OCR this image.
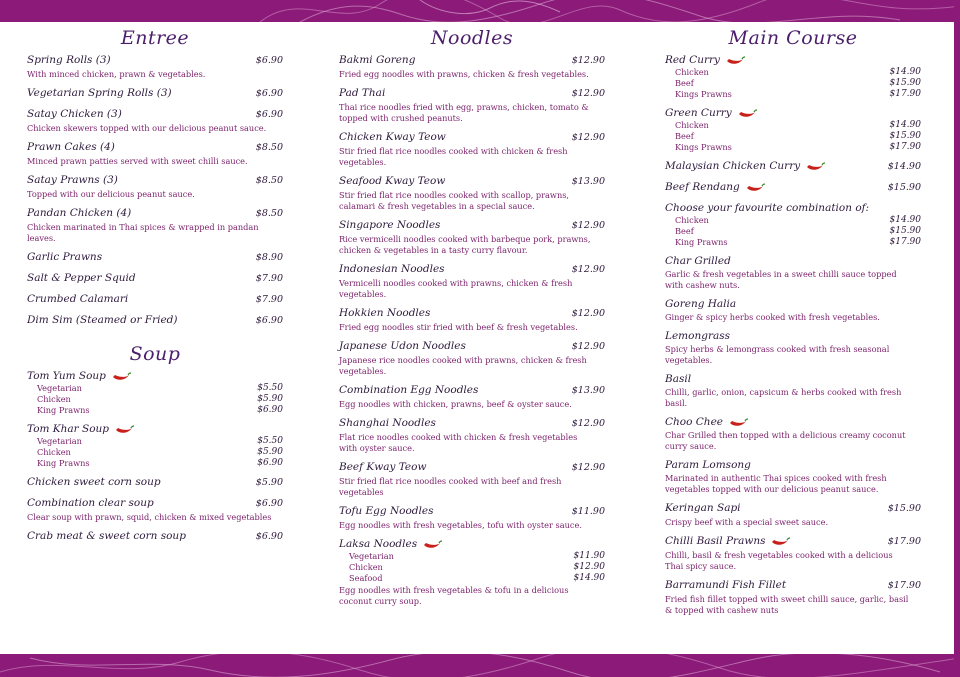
Entree
Spring Rolls (3)	$6.90
With minced chicken, prawn & vegetables.
Vegetarian Spring Rolls (3)	$6.90
Satay Chicken (3)	$6.90
Chicken skewers topped with our delicious peanut sauce.
Prawn Cakes (4)	$8.50
Minced prawn patties served with sweet chilli sauce.
Satay Prawns (3)	$8.50
Topped with our delicious peanut sauce.
Pandan Chicken (4)	$8.50
Chicken marinated in Thai spices & wrapped in pandan leaves.
Garlic Prawns	$8.90
Salt & Pepper Squid	$7.90
Crumbed Calamari	$7.90
Dim Sim (Steamed or Fried)	$6.90
Soup
Tom Yum Soup
Vegetarian	$5.50
Chicken	$5.90
King Prawns	$6.90
Tom Khar Soup
Vegetarian	$5.50
Chicken	$5.90
King Prawns	$6.90
Chicken sweet corn soup	$5.90
Combination clear soup	$6.90
Clear soup with prawn, squid, chicken & mixed vegetables
Crab meat & sweet corn soup	$6.90
Noodles
Bakmi Goreng	$12.90
Fried egg noodles with prawns, chicken & fresh vegetables.
Pad Thai	$12.90
Thai rice noodles fried with egg, prawns, chicken, tomato & topped with crushed peanuts.
Chicken Kway Teow	$12.90
Stir fried flat rice noodles cooked with chicken & fresh vegetables.
Seafood Kway Teow	$13.90
Stir fried flat rice noodles cooked with scallop, prawns, calamari & fresh vegetables in a special sauce.
Singapore Noodles	$12.90
Rice vermicelli noodles cooked with barbeque pork, prawns, chicken & vegetables in a tasty curry flavour.
Indonesian Noodles	$12.90
Vermicelli noodles cooked with prawns, chicken & fresh vegetables.
Hokkien Noodles	$12.90
Fried egg noodles stir fried with beef & fresh vegetables.
Japanese Udon Noodles	$12.90
Japanese rice noodles cooked with prawns, chicken & fresh vegetables.
Combination Egg Noodles	$13.90
Egg noodles with chicken, prawns, beef & oyster sauce.
Shanghai Noodles	$12.90
Flat rice noodles cooked with chicken & fresh vegetables with oyster sauce.
Beef Kway Teow	$12.90
Stir fried flat rice noodles cooked with beef and fresh vegetables
Tofu Egg Noodles	$11.90
Egg noodles with fresh vegetables, tofu with oyster sauce.
Laksa Noodles
Vegetarian	$11.90
Chicken	$12.90
Seafood	$14.90
Egg noodles with fresh vegetables & tofu in a delicious coconut curry soup.
Main Course
Red Curry
Chicken	$14.90
Beef	$15.90
Kings Prawns	$17.90
Green Curry
Chicken	$14.90
Beef	$15.90
Kings Prawns	$17.90
Malaysian Chicken Curry	$14.90
Beef Rendang	$15.90
Choose your favourite combination of:
Chicken	$14.90
Beef	$15.90
King Prawns	$17.90
Char Grilled
Garlic & fresh vegetables in a sweet chilli sauce topped with cashew nuts.
Goreng Halia
Ginger & spicy herbs cooked with fresh vegetables.
Lemongrass
Spicy herbs & lemongrass cooked with fresh seasonal vegetables.
Basil
Chilli, garlic, onion, capsicum & herbs cooked with fresh basil.
Choo Chee
Char Grilled then topped with a delicious creamy coconut curry sauce.
Param Lomsong
Marinated in authentic Thai spices cooked with fresh vegetables topped with our delicious peanut sauce.
Keringan Sapi	$15.90
Crispy beef with a special sweet sauce.
Chilli Basil Prawns	$17.90
Chilli, basil & fresh vegetables cooked with a delicious Thai spicy sauce.
Barramundi Fish Fillet	$17.90
Fried fish fillet topped with sweet chilli sauce, garlic, basil & topped with cashew nuts
